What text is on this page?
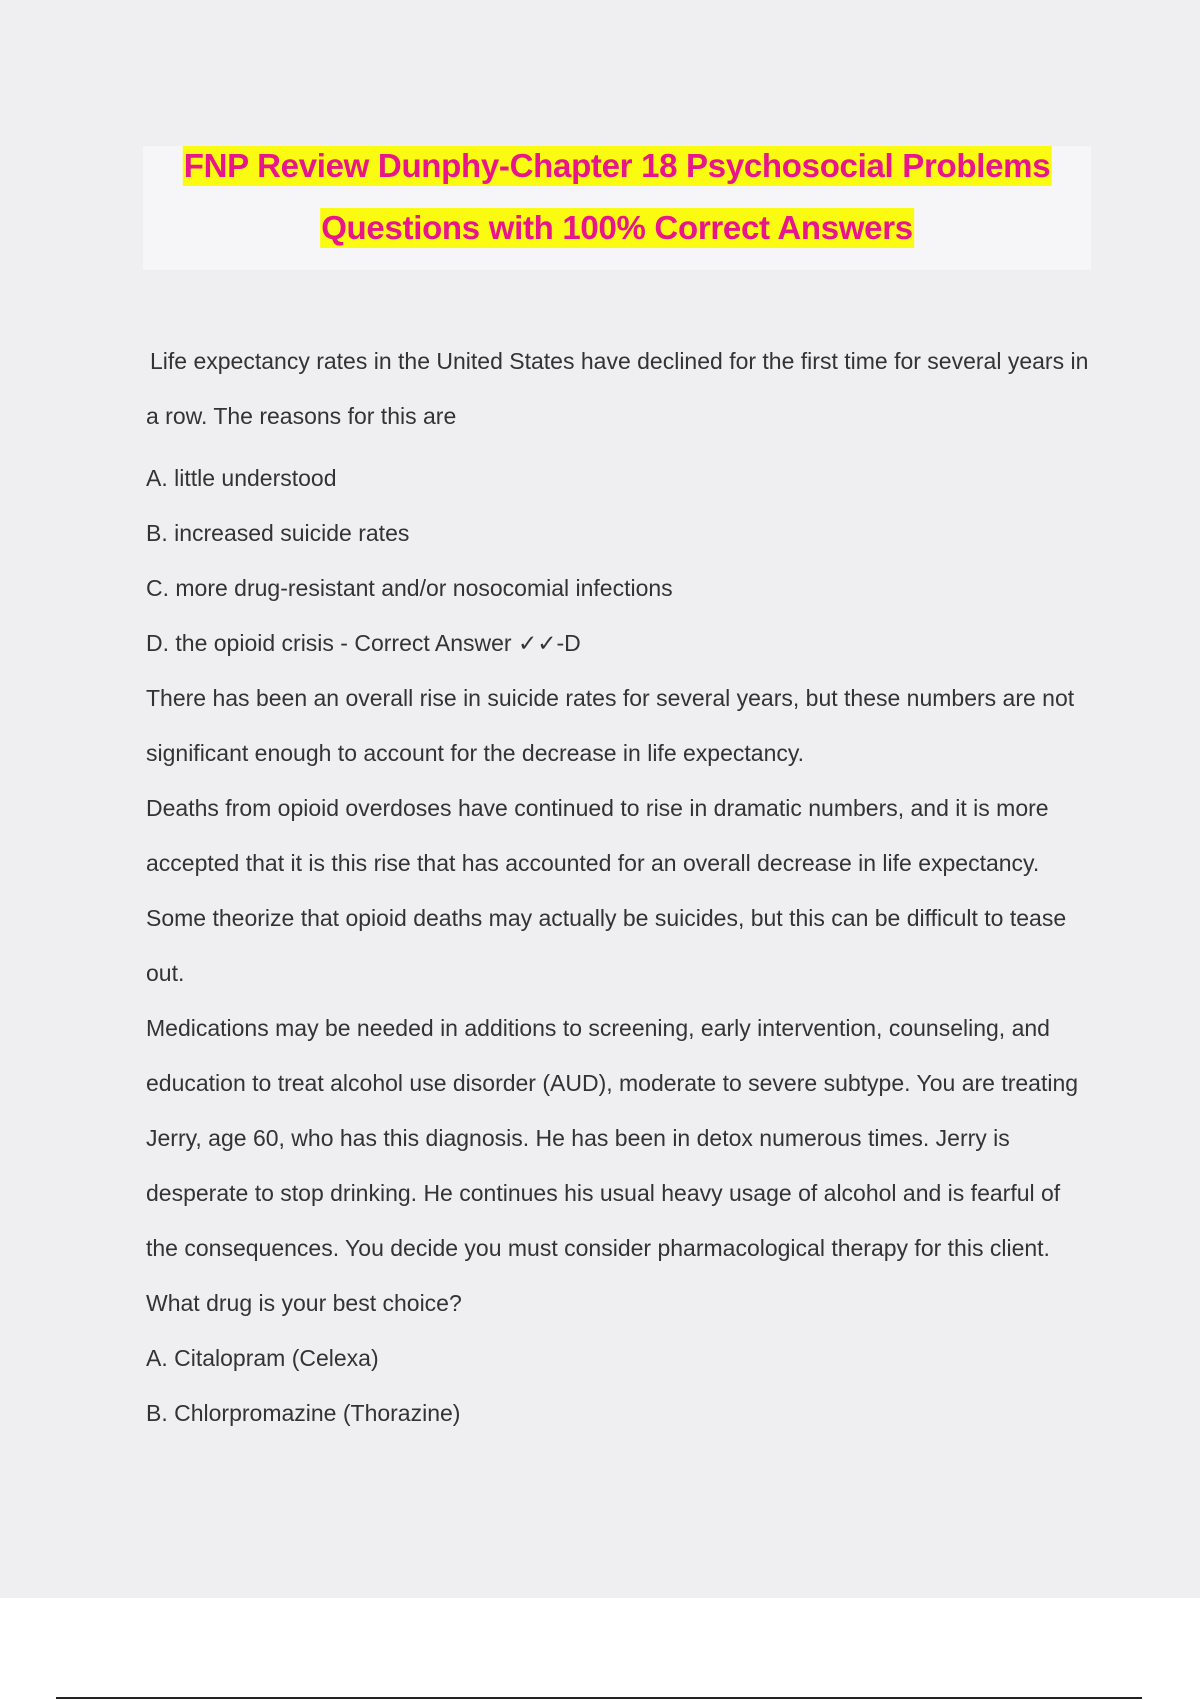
FNP Review Dunphy-Chapter 18 Psychosocial Problems
Questions with 100% Correct Answers

Life expectancy rates in the United States have declined for the first time for several years in a row. The reasons for this are

A. little understood

B. increased suicide rates

C. more drug-resistant and/or nosocomial infections

D. the opioid crisis - Correct Answer ✓✓-D

There has been an overall rise in suicide rates for several years, but these numbers are not significant enough to account for the decrease in life expectancy.

Deaths from opioid overdoses have continued to rise in dramatic numbers, and it is more accepted that it is this rise that has accounted for an overall decrease in life expectancy. Some theorize that opioid deaths may actually be suicides, but this can be difficult to tease out.

Medications may be needed in additions to screening, early intervention, counseling, and education to treat alcohol use disorder (AUD), moderate to severe subtype. You are treating Jerry, age 60, who has this diagnosis. He has been in detox numerous times. Jerry is desperate to stop drinking. He continues his usual heavy usage of alcohol and is fearful of the consequences. You decide you must consider pharmacological therapy for this client. What drug is your best choice?

A. Citalopram (Celexa)

B. Chlorpromazine (Thorazine)
